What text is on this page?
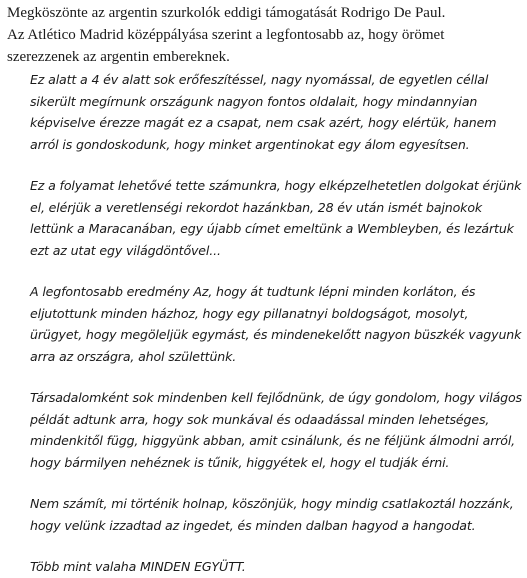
Megköszönte az argentin szurkolók eddigi támogatását Rodrigo De Paul.

Az Atlético Madrid középpályása szerint a legfontosabb az, hogy örömet szerezzenek az argentin embereknek.

Ez alatt a 4 év alatt sok erőfeszítéssel, nagy nyomással, de egyetlen céllal sikerült megírnunk országunk nagyon fontos oldalait, hogy mindannyian képviselve érezze magát ez a csapat, nem csak azért, hogy elértük, hanem arról is gondoskodunk, hogy minket argentinokat egy álom egyesítsen.

Ez a folyamat lehetővé tette számunkra, hogy elképzelhetetlen dolgokat érjünk el, elérjük a veretlenségi rekordot hazánkban, 28 év után ismét bajnokok lettünk a Maracanában, egy újabb címet emeltünk a Wembleyben, és lezártuk ezt az utat egy világdöntővel...

A legfontosabb eredmény Az, hogy át tudtunk lépni minden korláton, és eljutottunk minden házhoz, hogy egy pillanatnyi boldogságot, mosolyt, ürügyet, hogy megöleljük egymást, és mindenekelőtt nagyon büszkék vagyunk arra az országra, ahol születtünk.

Társadalomként sok mindenben kell fejlődnünk, de úgy gondolom, hogy világos példát adtunk arra, hogy sok munkával és odaadással minden lehetséges, mindenkitől függ, higgyünk abban, amit csinálunk, és ne féljünk álmodni arról, hogy bármilyen nehéznek is tűnik, higgyétek el, hogy el tudják érni.

Nem számít, mi történik holnap, köszönjük, hogy mindig csatlakoztál hozzánk, hogy velünk izzadtad az ingedet, és minden dalban hagyod a hangodat.

Több mint valaha MINDEN EGYÜTT.
